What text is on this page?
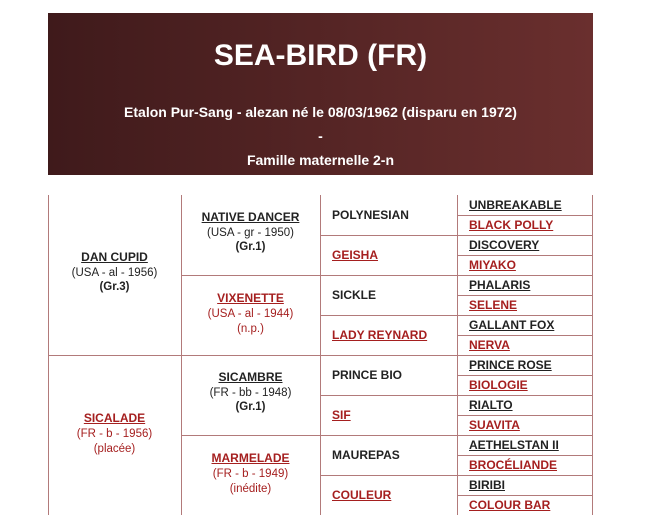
SEA-BIRD (FR)
Etalon Pur-Sang - alezan né le 08/03/1962 (disparu en 1972)
-
Famille maternelle 2-n
DAN CUPID
(USA - al - 1956)
(Gr.3)
SICALADE
(FR - b - 1956)
(placée)
NATIVE DANCER
(USA - gr - 1950)
(Gr.1)
VIXENETTE
(USA - al - 1944)
(n.p.)
SICAMBRE
(FR - bb - 1948)
(Gr.1)
MARMELADE
(FR - b - 1949)
(inédite)
POLYNESIAN
GEISHA
SICKLE
LADY REYNARD
PRINCE BIO
SIF
MAUREPAS
COULEUR
UNBREAKABLE
BLACK POLLY
DISCOVERY
MIYAKO
PHALARIS
SELENE
GALLANT FOX
NERVA
PRINCE ROSE
BIOLOGIE
RIALTO
SUAVITA
AETHELSTAN II
BROCÉLIANDE
BIRIBI
COLOUR BAR
